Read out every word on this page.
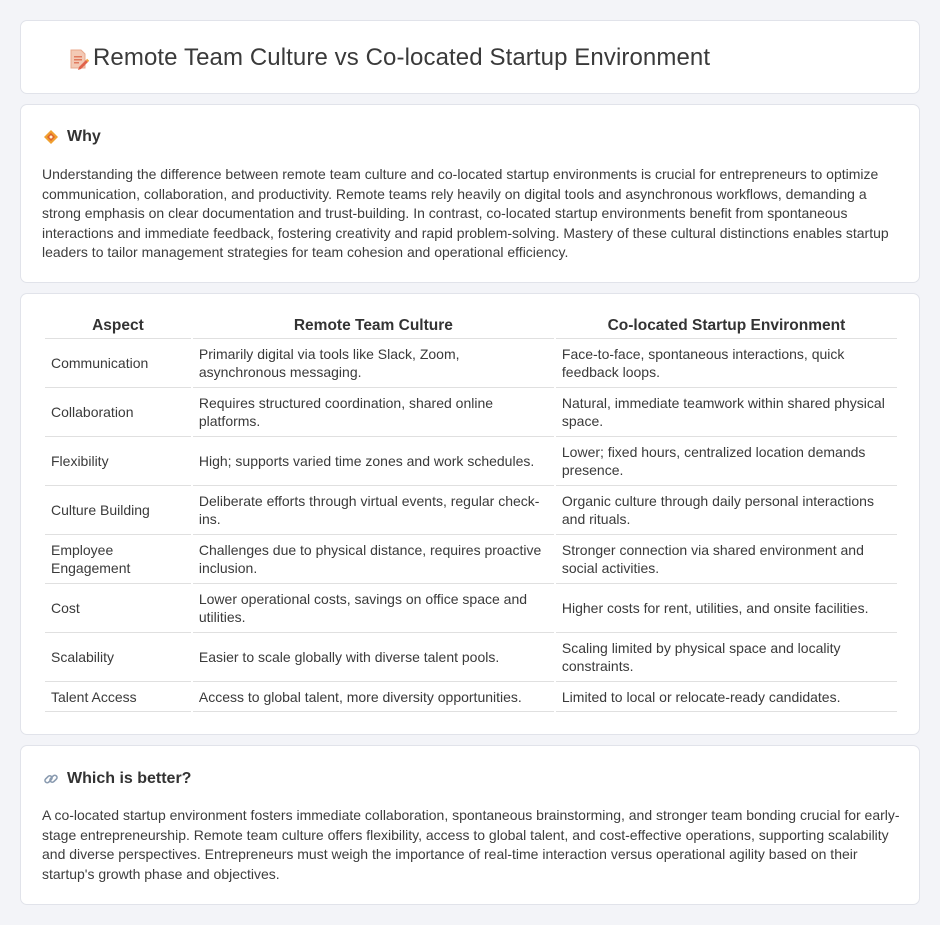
Remote Team Culture vs Co-located Startup Environment
Why

Understanding the difference between remote team culture and co-located startup environments is crucial for entrepreneurs to optimize communication, collaboration, and productivity. Remote teams rely heavily on digital tools and asynchronous workflows, demanding a strong emphasis on clear documentation and trust-building. In contrast, co-located startup environments benefit from spontaneous interactions and immediate feedback, fostering creativity and rapid problem-solving. Mastery of these cultural distinctions enables startup leaders to tailor management strategies for team cohesion and operational efficiency.

Aspect	Remote Team Culture	Co-located Startup Environment
Communication	Primarily digital via tools like Slack, Zoom, asynchronous messaging.	Face-to-face, spontaneous interactions, quick feedback loops.
Collaboration	Requires structured coordination, shared online platforms.	Natural, immediate teamwork within shared physical space.
Flexibility	High; supports varied time zones and work schedules.	Lower; fixed hours, centralized location demands presence.
Culture Building	Deliberate efforts through virtual events, regular check-ins.	Organic culture through daily personal interactions and rituals.
Employee Engagement	Challenges due to physical distance, requires proactive inclusion.	Stronger connection via shared environment and social activities.
Cost	Lower operational costs, savings on office space and utilities.	Higher costs for rent, utilities, and onsite facilities.
Scalability	Easier to scale globally with diverse talent pools.	Scaling limited by physical space and locality constraints.
Talent Access	Access to global talent, more diversity opportunities.	Limited to local or relocate-ready candidates.
Which is better?

A co-located startup environment fosters immediate collaboration, spontaneous brainstorming, and stronger team bonding crucial for early-stage entrepreneurship. Remote team culture offers flexibility, access to global talent, and cost-effective operations, supporting scalability and diverse perspectives. Entrepreneurs must weigh the importance of real-time interaction versus operational agility based on their startup's growth phase and objectives.
